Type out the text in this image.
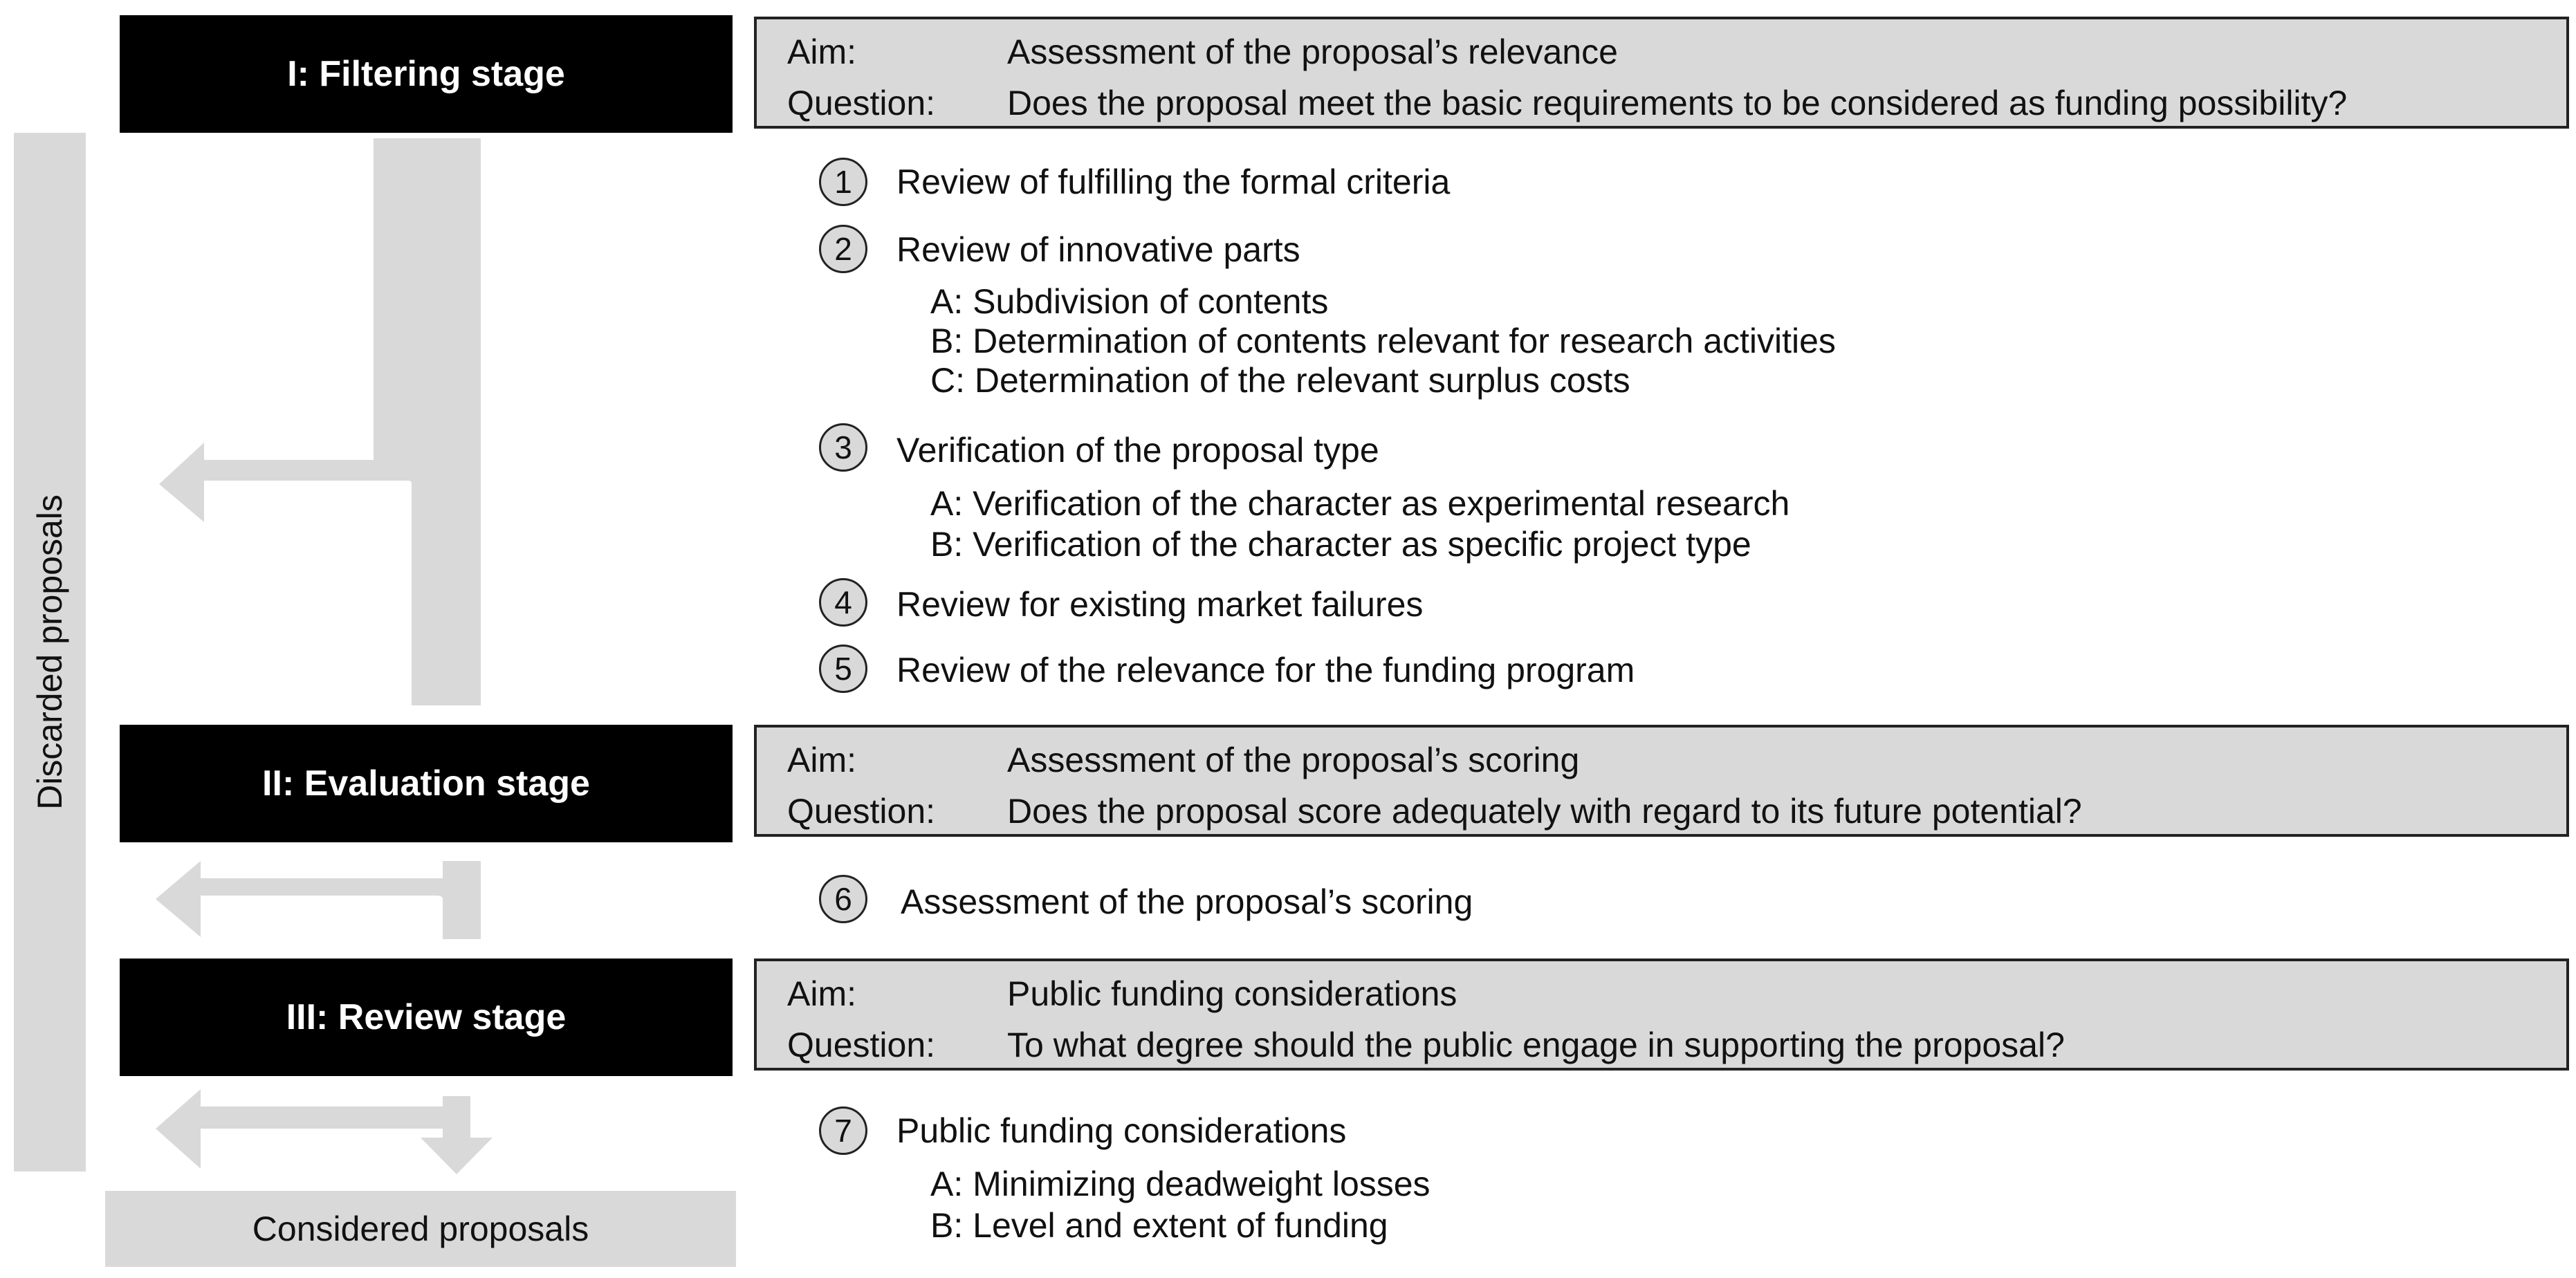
Discarded proposals
I: Filtering stage
II: Evaluation stage
III: Review stage
Aim:	Assessment of the proposal’s relevance
Question: Does the proposal meet the basic requirements to be considered as funding possibility?
Aim:	Assessment of the proposal’s scoring
Question: Does the proposal score adequately with regard to its future potential?
Aim:	Public funding considerations
Question: To what degree should the public engage in supporting the proposal?
1 Review of fulfilling the formal criteria
2 Review of innovative parts
A: Subdivision of contents
B: Determination of contents relevant for research activities
C: Determination of the relevant surplus costs
3 Verification of the proposal type
A: Verification of the character as experimental research
B: Verification of the character as specific project type
4 Review for existing market failures
5 Review of the relevance for the funding program
6 Assessment of the proposal’s scoring
7 Public funding considerations
A: Minimizing deadweight losses
B: Level and extent of funding
Considered proposals
